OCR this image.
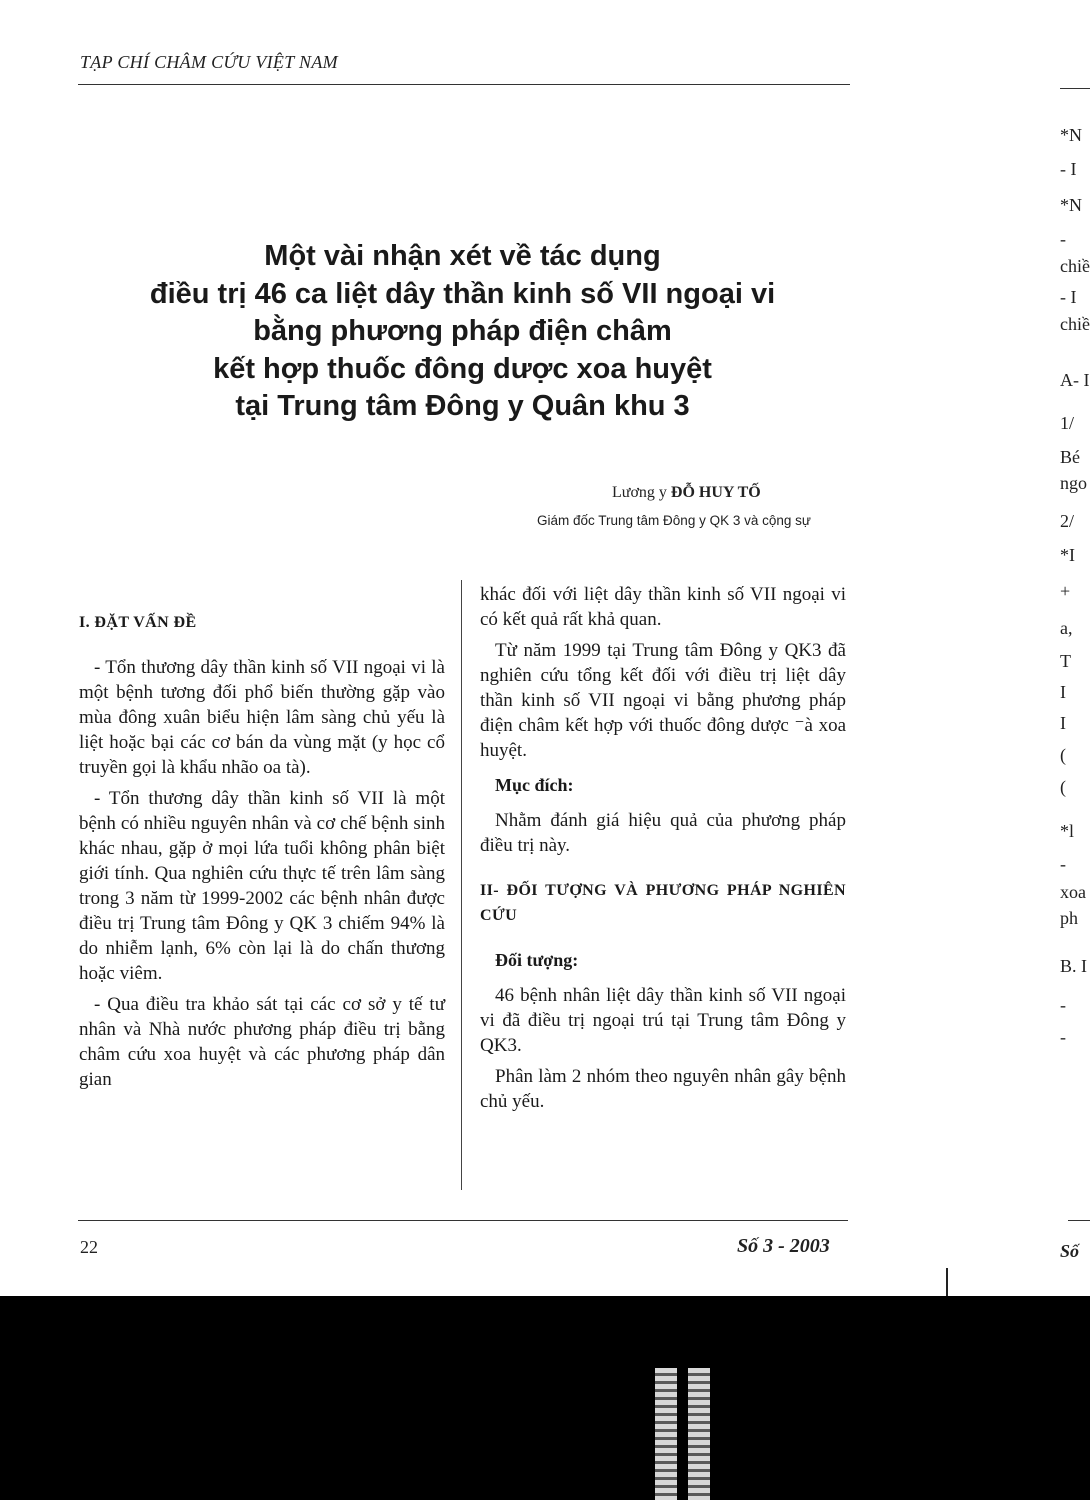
TẠP CHÍ CHÂM CỨU VIỆT NAM
Một vài nhận xét về tác dụng
điều trị 46 ca liệt dây thần kinh số VII ngoại vi
bằng phương pháp điện châm
kết hợp thuốc đông dược xoa huyệt
tại Trung tâm Đông y Quân khu 3
Lương y ĐỖ HUY TỐ
Giám đốc Trung tâm Đông y QK 3 và cộng sự

I. ĐẶT VẤN ĐỀ

- Tổn thương dây thần kinh số VII ngoại vi là một bệnh tương đối phổ biến thường gặp vào mùa đông xuân biểu hiện lâm sàng chủ yếu là liệt hoặc bại các cơ bán da vùng mặt (y học cổ truyền gọi là khẩu nhão oa tà).

- Tổn thương dây thần kinh số VII là một bệnh có nhiều nguyên nhân và cơ chế bệnh sinh khác nhau, gặp ở mọi lứa tuổi không phân biệt giới tính. Qua nghiên cứu thực tế trên lâm sàng trong 3 năm từ 1999-2002 các bệnh nhân được điều trị Trung tâm Đông y QK 3 chiếm 94% là do nhiễm lạnh, 6% còn lại là do chấn thương hoặc viêm.

- Qua điều tra khảo sát tại các cơ sở y tế tư nhân và Nhà nước phương pháp điều trị bằng châm cứu xoa huyệt và các phương pháp dân gian

khác đối với liệt dây thần kinh số VII ngoại vi có kết quả rất khả quan.

Từ năm 1999 tại Trung tâm Đông y QK3 đã nghiên cứu tổng kết đối với điều trị liệt dây thần kinh số VII ngoại vi bằng phương pháp điện châm kết hợp với thuốc đông dược ⁻à xoa huyệt.

Mục đích:

Nhằm đánh giá hiệu quả của phương pháp điều trị này.

II- ĐỐI TƯỢNG VÀ PHƯƠNG PHÁP NGHIÊN CỨU

Đối tượng:

46 bệnh nhân liệt dây thần kinh số VII ngoại vi đã điều trị ngoại trú tại Trung tâm Đông y QK3.

Phân làm 2 nhóm theo nguyên nhân gây bệnh chủ yếu.

*N
- I
*N
-
chiề
- I
chiề
A- I
1/
Bé
ngo
2/
*I
+
a,
T
I
I
(
(
*l
-
xoa
ph
B. I
-
-
Số
22	Số 3 - 2003
